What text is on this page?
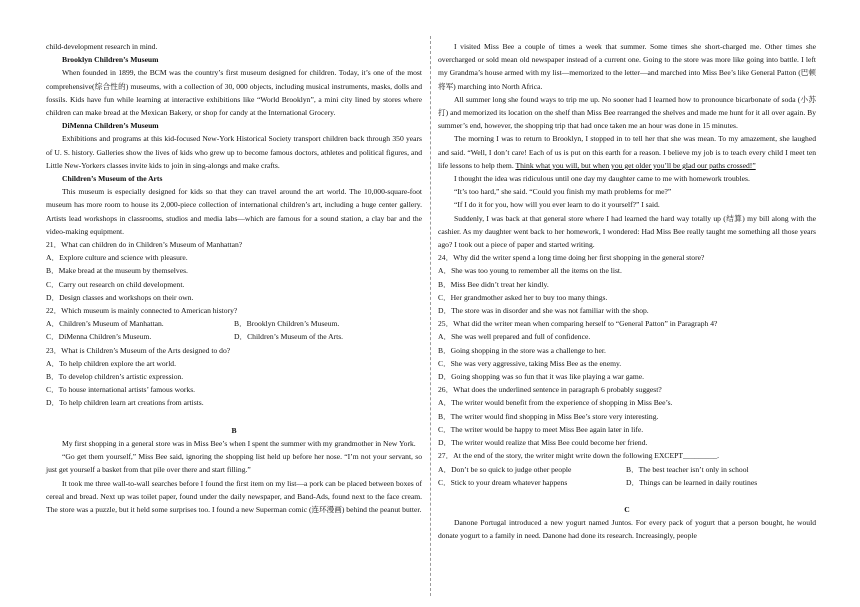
child-development research in mind.

Brooklyn Children’s Museum

When founded in 1899, the BCM was the country’s first museum designed for children. Today, it’s one of the most comprehensive(综合性的) museums, with a collection of 30, 000 objects, including musical instruments, masks, dolls and fossils. Kids have fun while learning at interactive exhibitions like “World Brooklyn”, a mini city lined by stores where children can make bread at the Mexican Bakery, or shop for candy at the International Grocery.

DiMenna Children’s Museum

Exhibitions and programs at this kid-focused New-York Historical Society transport children back through 350 years of U. S. history. Galleries show the lives of kids who grew up to become famous doctors, athletes and political figures, and Little New-Yorkers classes invite kids to join in sing-alongs and make crafts.

Children’s Museum of the Arts

This museum is especially designed for kids so that they can travel around the art world. The 10,000-square-foot museum has more room to house its 2,000-piece collection of international children’s art, including a huge center gallery. Artists lead workshops in classrooms, studios and media labs—which are famous for a sound station, a clay bar and the video-making equipment.

21．What can children do in Children’s Museum of Manhattan?

A．Explore culture and science with pleasure.

B．Make bread at the museum by themselves.

C．Carry out research on child development.

D．Design classes and workshops on their own.

22．Which museum is mainly connected to American history?

A．Children’s Museum of Manhattan.	B．Brooklyn Children’s Museum.
C．DiMenna Children’s Museum.	D．Children’s Museum of the Arts.

23．What is Children’s Museum of the Arts designed to do?

A．To help children explore the art world.

B．To develop children’s artistic expression.

C．To house international artists’ famous works.

D．To help children learn art creations from artists.

B

My first shopping in a general store was in Miss Bee’s when I spent the summer with my grandmother in New York.

“Go get them yourself,” Miss Bee said, ignoring the shopping list held up before her nose. “I’m not your servant, so just get yourself a basket from that pile over there and start filling.”

It took me three wall-to-wall searches before I found the first item on my list—a pork can be placed between boxes of cereal and bread. Next up was toilet paper, found under the daily newspaper, and Band-Ads, found next to the face cream. The store was a puzzle, but it held some surprises too. I found a new Superman comic (连环漫画) behind the peanut butter.

I visited Miss Bee a couple of times a week that summer. Some times she short-charged me. Other times she overcharged or sold mean old newspaper instead of a current one. Going to the store was more like going into battle. I left my Grandma’s house armed with my list—memorized to the letter—and marched into Miss Bee’s like General Patton (巴顿将军) marching into North Africa.

All summer long she found ways to trip me up. No sooner had I learned how to pronounce bicarbonate of soda (小苏打) and memorized its location on the shelf than Miss Bee rearranged the shelves and made me hunt for it all over again. By summer’s end, however, the shopping trip that had once taken me an hour was done in 15 minutes.

The morning I was to return to Brooklyn, I stopped in to tell her that she was mean. To my amazement, she laughed and said. “Well, I don’t care! Each of us is put on this earth for a reason. I believe my job is to teach every child I meet ten life lessons to help them. Think what you will, but when you get older you’ll be glad our paths crossed!”

I thought the idea was ridiculous until one day my daughter came to me with homework troubles.

“It’s too hard,” she said. “Could you finish my math problems for me?”

“If I do it for you, how will you ever learn to do it yourself?” I said.

Suddenly, I was back at that general store where I had learned the hard way totally up (结算) my bill along with the cashier. As my daughter went back to her homework, I wondered: Had Miss Bee really taught me something all those years ago? I took out a piece of paper and started writing.

24．Why did the writer spend a long time doing her first shopping in the general store?

A．She was too young to remember all the items on the list.

B．Miss Bee didn’t treat her kindly.

C．Her grandmother asked her to buy too many things.

D．The store was in disorder and she was not familiar with the shop.

25．What did the writer mean when comparing herself to “General Patton” in Paragraph 4?

A．She was well prepared and full of confidence.

B．Going shopping in the store was a challenge to her.

C．She was very aggressive, taking Miss Bee as the enemy.

D．Going shopping was so fun that it was like playing a war game.

26．What does the underlined sentence in paragraph 6 probably suggest?

A．The writer would benefit from the experience of shopping in Miss Bee’s.

B．The writer would find shopping in Miss Bee’s store very interesting.

C．The writer would be happy to meet Miss Bee again later in life.

D．The writer would realize that Miss Bee could become her friend.

27．At the end of the story, the writer might write down the following EXCEPT_________.

A．Don’t be so quick to judge other people	B．The best teacher isn’t only in school
C．Stick to your dream whatever happens	D．Things can be learned in daily routines

C

Danone Portugal introduced a new yogurt named Juntos. For every pack of yogurt that a person bought, he would donate yogurt to a family in need. Danone had done its research. Increasingly, people
